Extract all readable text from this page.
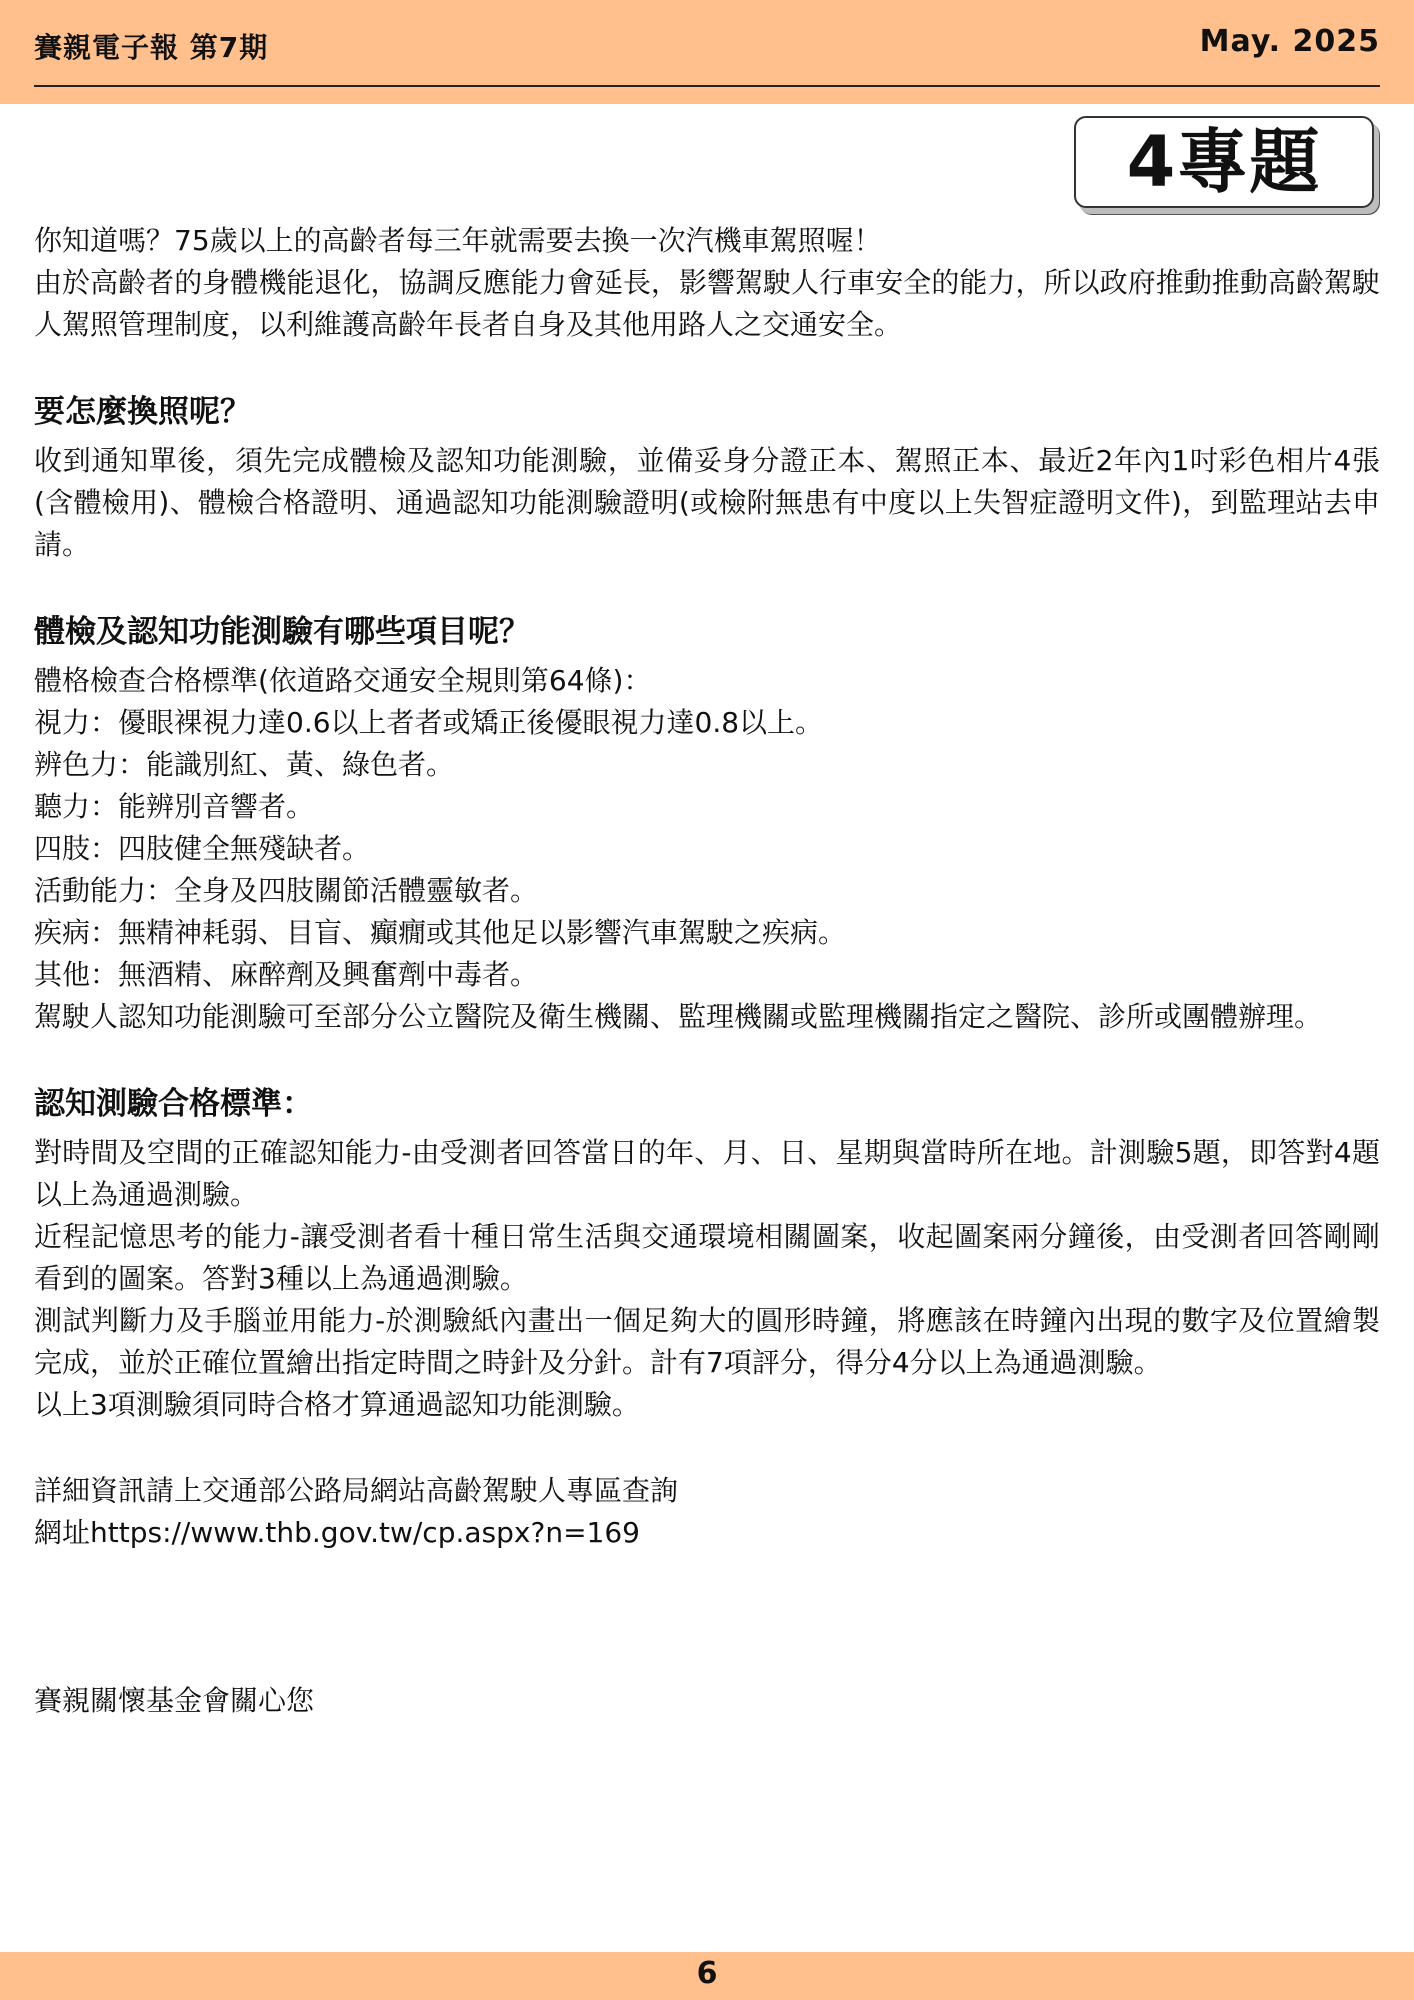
賽親電子報 第7期	May. 2025
4專題

你知道嗎？75歲以上的高齡者每三年就需要去換一次汽機車駕照喔！

由於高齡者的身體機能退化，協調反應能力會延長，影響駕駛人行車安全的能力，所以政府推動推動高齡駕駛人駕照管理制度，以利維護高齡年長者自身及其他用路人之交通安全。

要怎麼換照呢？

收到通知單後，須先完成體檢及認知功能測驗，並備妥身分證正本、駕照正本、最近2年內1吋彩色相片4張(含體檢用)、體檢合格證明、通過認知功能測驗證明(或檢附無患有中度以上失智症證明文件)，到監理站去申請。

體檢及認知功能測驗有哪些項目呢？

體格檢查合格標準(依道路交通安全規則第64條)：

視力：優眼裸視力達0.6以上者者或矯正後優眼視力達0.8以上。

辨色力：能識別紅、黃、綠色者。

聽力：能辨別音響者。

四肢：四肢健全無殘缺者。

活動能力：全身及四肢關節活體靈敏者。

疾病：無精神耗弱、目盲、癲癇或其他足以影響汽車駕駛之疾病。

其他：無酒精、麻醉劑及興奮劑中毒者。

駕駛人認知功能測驗可至部分公立醫院及衛生機關、監理機關或監理機關指定之醫院、診所或團體辦理。

認知測驗合格標準：

對時間及空間的正確認知能力-由受測者回答當日的年、月、日、星期與當時所在地。計測驗5題，即答對4題以上為通過測驗。

近程記憶思考的能力-讓受測者看十種日常生活與交通環境相關圖案，收起圖案兩分鐘後，由受測者回答剛剛看到的圖案。答對3種以上為通過測驗。

測試判斷力及手腦並用能力-於測驗紙內畫出一個足夠大的圓形時鐘，將應該在時鐘內出現的數字及位置繪製完成，並於正確位置繪出指定時間之時針及分針。計有7項評分，得分4分以上為通過測驗。

以上3項測驗須同時合格才算通過認知功能測驗。

詳細資訊請上交通部公路局網站高齡駕駛人專區查詢

網址https://www.thb.gov.tw/cp.aspx?n=169

賽親關懷基金會關心您

6
